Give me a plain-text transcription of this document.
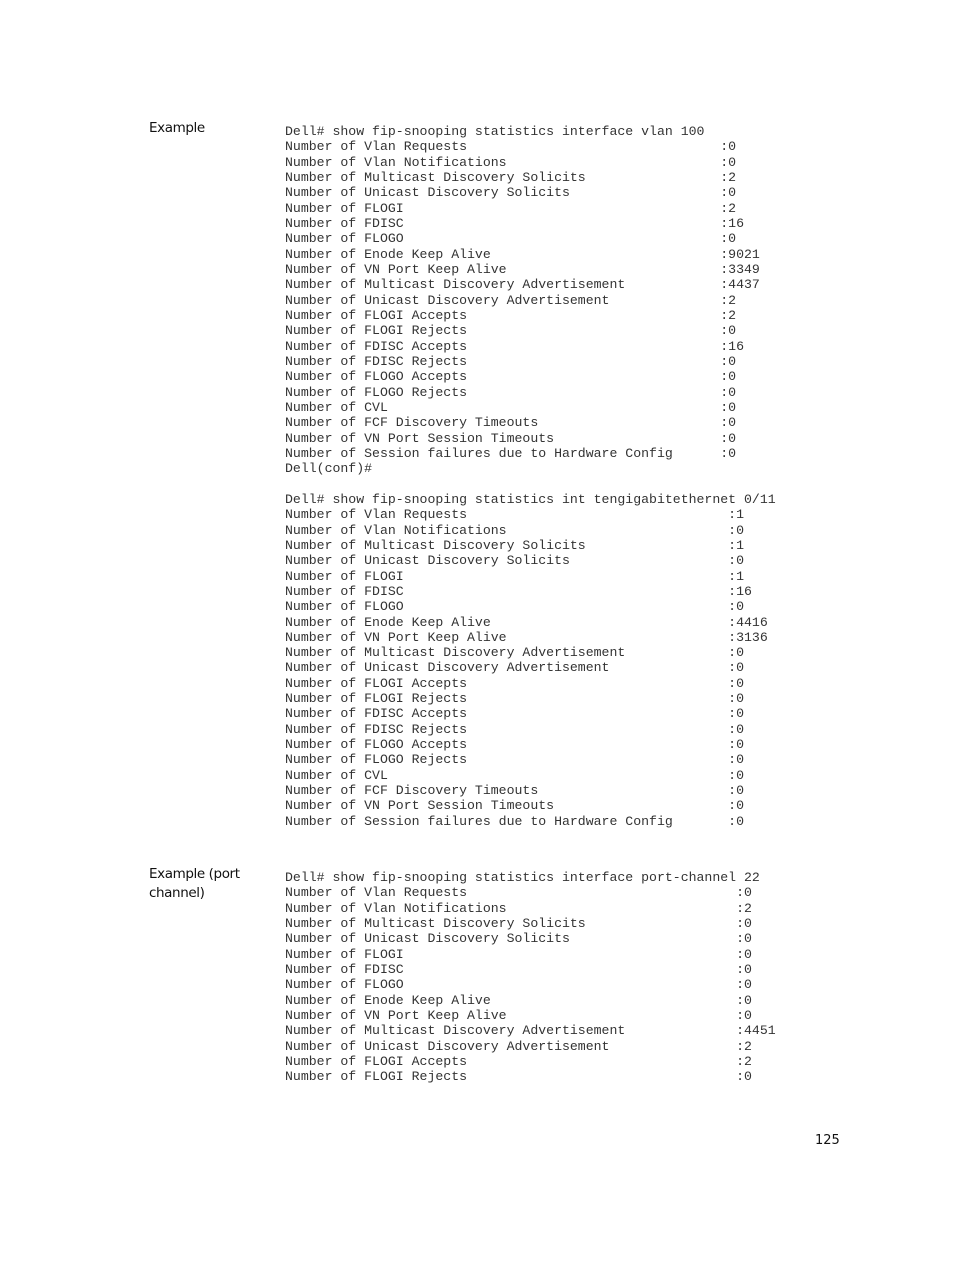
Example	Dell# show fip-snooping statistics interface vlan 100
Number of Vlan Requests                                :0
Number of Vlan Notifications                           :0
Number of Multicast Discovery Solicits                 :2
Number of Unicast Discovery Solicits                   :0
Number of FLOGI                                        :2
Number of FDISC                                        :16
Number of FLOGO                                        :0
Number of Enode Keep Alive                             :9021
Number of VN Port Keep Alive                           :3349
Number of Multicast Discovery Advertisement            :4437
Number of Unicast Discovery Advertisement              :2
Number of FLOGI Accepts                                :2
Number of FLOGI Rejects                                :0
Number of FDISC Accepts                                :16
Number of FDISC Rejects                                :0
Number of FLOGO Accepts                                :0
Number of FLOGO Rejects                                :0
Number of CVL                                          :0
Number of FCF Discovery Timeouts                       :0
Number of VN Port Session Timeouts                     :0
Number of Session failures due to Hardware Config      :0
Dell(conf)#
Dell# show fip-snooping statistics int tengigabitethernet 0/11
Number of Vlan Requests                                 :1
Number of Vlan Notifications                            :0
Number of Multicast Discovery Solicits                  :1
Number of Unicast Discovery Solicits                    :0
Number of FLOGI                                         :1
Number of FDISC                                         :16
Number of FLOGO                                         :0
Number of Enode Keep Alive                              :4416
Number of VN Port Keep Alive                            :3136
Number of Multicast Discovery Advertisement             :0
Number of Unicast Discovery Advertisement               :0
Number of FLOGI Accepts                                 :0
Number of FLOGI Rejects                                 :0
Number of FDISC Accepts                                 :0
Number of FDISC Rejects                                 :0
Number of FLOGO Accepts                                 :0
Number of FLOGO Rejects                                 :0
Number of CVL                                           :0
Number of FCF Discovery Timeouts                        :0
Number of VN Port Session Timeouts                      :0
Number of Session failures due to Hardware Config       :0
Example (port channel)
Dell# show fip-snooping statistics interface port-channel 22
Number of Vlan Requests                                  :0
Number of Vlan Notifications                             :2
Number of Multicast Discovery Solicits                   :0
Number of Unicast Discovery Solicits                     :0
Number of FLOGI                                          :0
Number of FDISC                                          :0
Number of FLOGO                                          :0
Number of Enode Keep Alive                               :0
Number of VN Port Keep Alive                             :0
Number of Multicast Discovery Advertisement              :4451
Number of Unicast Discovery Advertisement                :2
Number of FLOGI Accepts                                  :2
Number of FLOGI Rejects                                  :0
125
